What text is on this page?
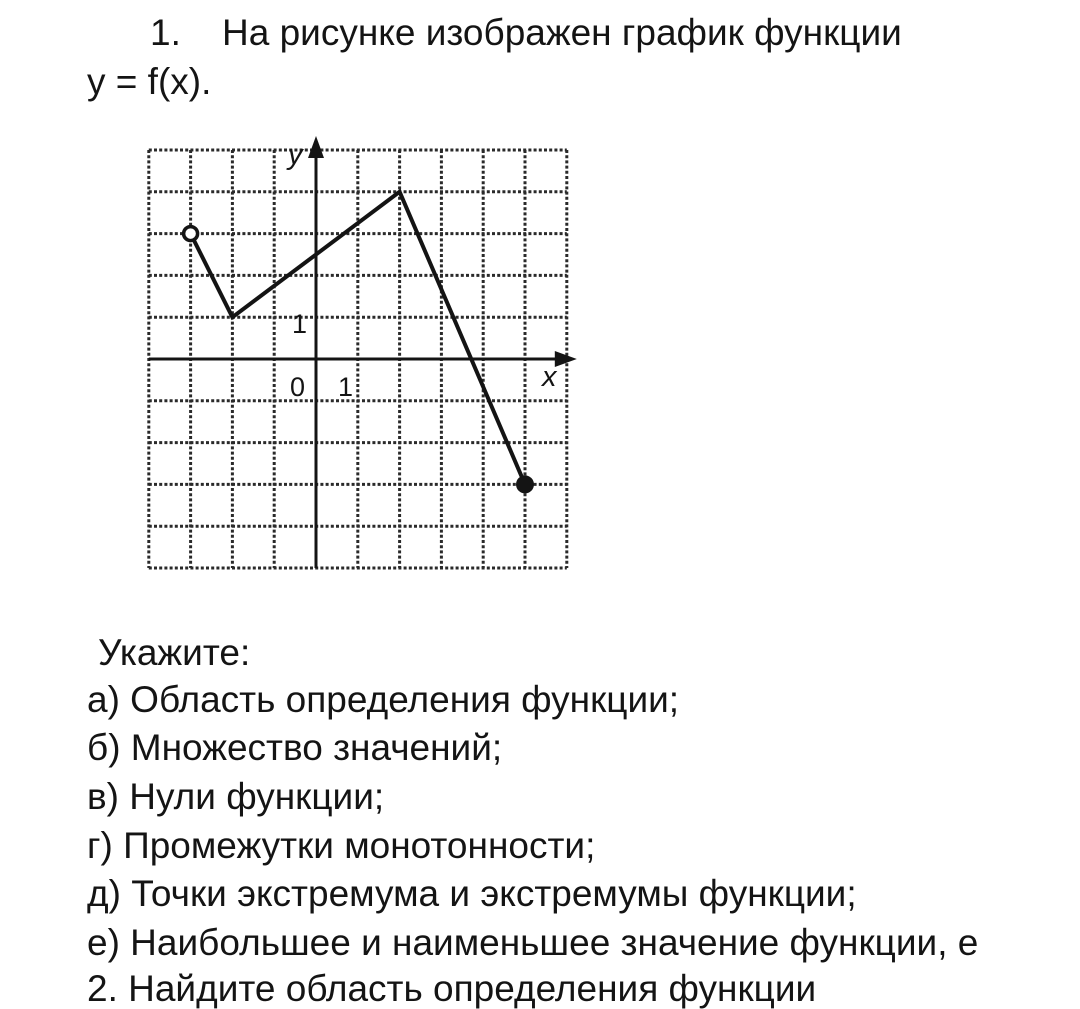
1. На рисунке изображен график функции
y = f(x).
0 1
1
x
y
Укажите:
а) Область определения функции;
б) Множество значений;
в) Нули функции;
г) Промежутки монотонности;
д) Точки экстремума и экстремумы функции;
е) Наибольшее и наименьшее значение функции, е
2. Найдите область определения функции
